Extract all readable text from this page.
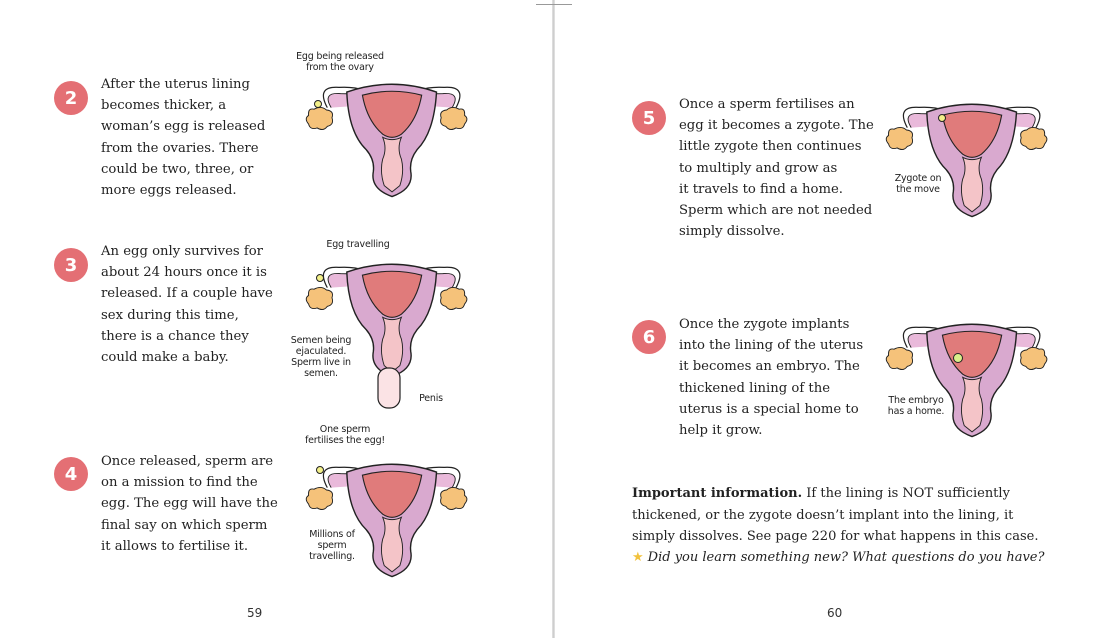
2
After the uterus lining
becomes thicker, a
woman’s egg is released
from the ovaries. There
could be two, three, or
more eggs released.
Egg being released
from the ovary
3
An egg only survives for
about 24 hours once it is
released. If a couple have
sex during this time,
there is a chance they
could make a baby.
Egg travelling
Semen being
ejaculated.
Sperm live in
semen.
Penis
4
Once released, sperm are
on a mission to find the
egg. The egg will have the
final say on which sperm
it allows to fertilise it.
One sperm
fertilises the egg!
Millions of
sperm
travelling.
59
5
Once a sperm fertilises an
egg it becomes a zygote. The
little zygote then continues
to multiply and grow as
it travels to find a home.
Sperm which are not needed
simply dissolve.
Zygote on
the move
6
Once the zygote implants
into the lining of the uterus
it becomes an embryo. The
thickened lining of the
uterus is a special home to
help it grow.
The embryo
has a home.
Important information. If the lining is NOT sufficiently
thickened, or the zygote doesn’t implant into the lining, it
simply dissolves. See page 220 for what happens in this case.
★ Did you learn something new? What questions do you have?
60
